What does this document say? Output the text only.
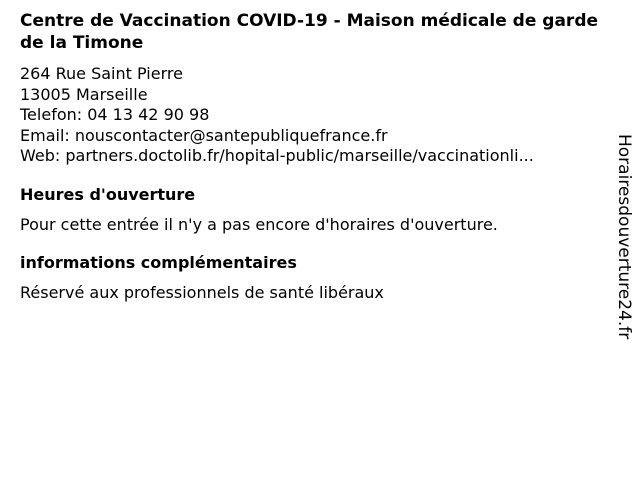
Centre de Vaccination COVID-19 - Maison médicale de garde de la Timone
264 Rue Saint Pierre
13005 Marseille
Telefon: 04 13 42 90 98
Email: nouscontacter@santepubliquefrance.fr
Web: partners.doctolib.fr/hopital-public/marseille/vaccinationli...
Heures d'ouverture
Pour cette entrée il n'y a pas encore d'horaires d'ouverture.
informations complémentaires
Réservé aux professionnels de santé libéraux	Horairesdouverture24.fr
